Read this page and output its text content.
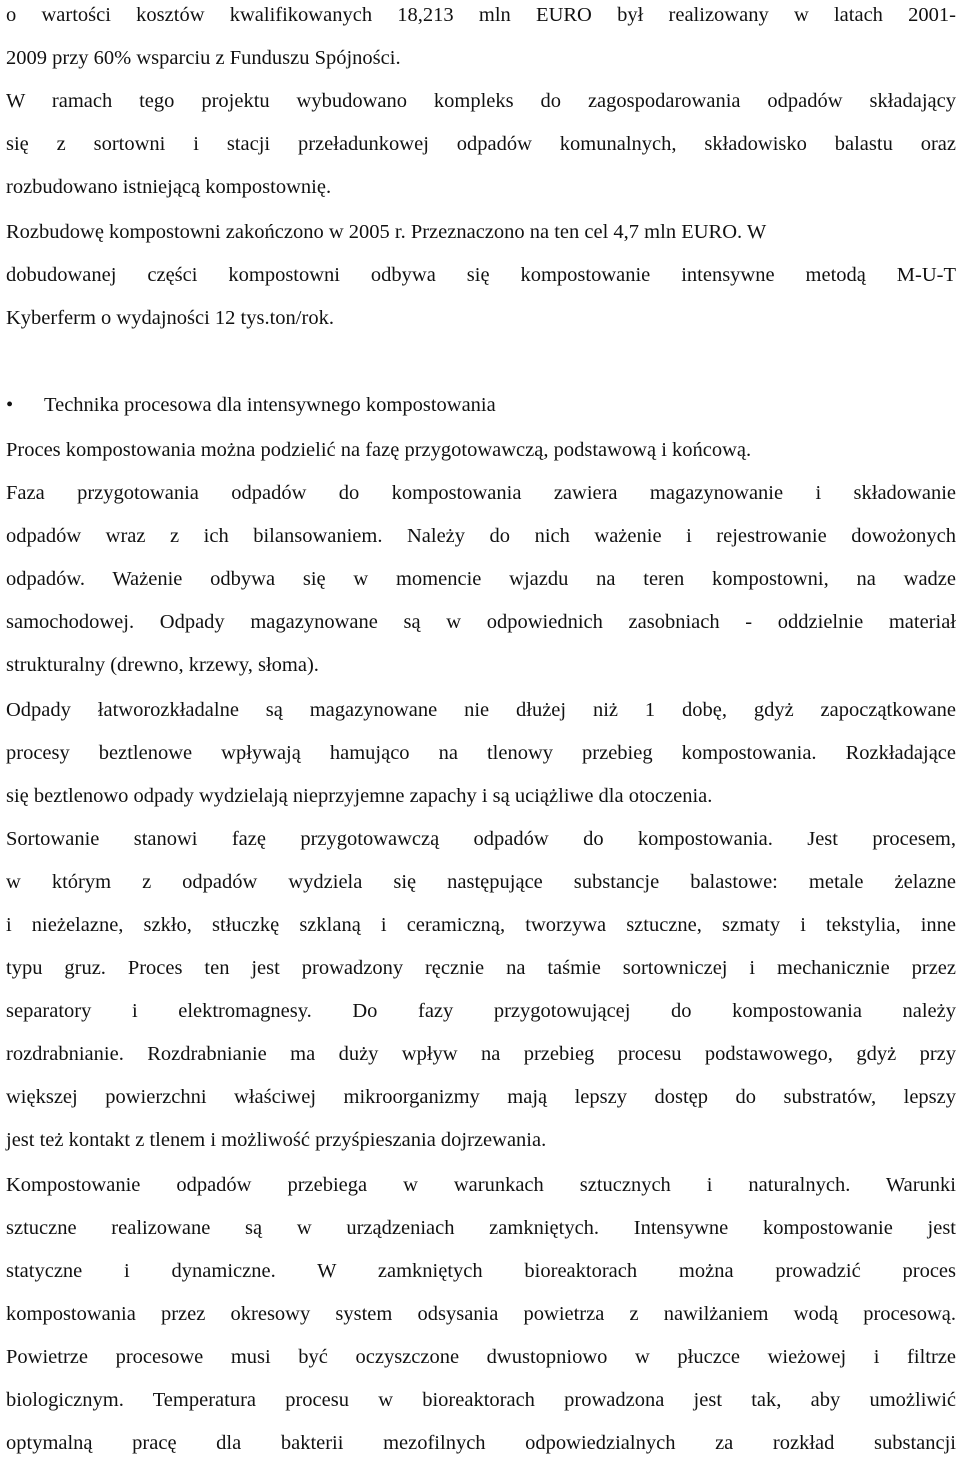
o wartości kosztów kwalifikowanych 18,213 mln EURO był realizowany w latach 2001-
2009 przy 60% wsparciu z Funduszu Spójności.
W ramach tego projektu wybudowano kompleks do zagospodarowania odpadów składający
się z sortowni i stacji przeładunkowej odpadów komunalnych, składowisko balastu oraz
rozbudowano istniejącą kompostownię.
Rozbudowę kompostowni zakończono w 2005 r. Przeznaczono na ten cel 4,7 mln EURO. W
dobudowanej części kompostowni odbywa się kompostowanie intensywne metodą M-U-T
Kyberferm o wydajności 12 tys.ton/rok.
• Technika procesowa dla intensywnego kompostowania
Proces kompostowania można podzielić na fazę przygotowawczą, podstawową i końcową.
Faza przygotowania odpadów do kompostowania zawiera magazynowanie i składowanie
odpadów wraz z ich bilansowaniem. Należy do nich ważenie i rejestrowanie dowożonych
odpadów. Ważenie odbywa się w momencie wjazdu na teren kompostowni, na wadze
samochodowej. Odpady magazynowane są w odpowiednich zasobniach - oddzielnie materiał
strukturalny (drewno, krzewy, słoma).
Odpady łatworozkładalne są magazynowane nie dłużej niż 1 dobę, gdyż zapoczątkowane
procesy beztlenowe wpływają hamująco na tlenowy przebieg kompostowania. Rozkładające
się beztlenowo odpady wydzielają nieprzyjemne zapachy i są uciążliwe dla otoczenia.
Sortowanie stanowi fazę przygotowawczą odpadów do kompostowania. Jest procesem,
w którym z odpadów wydziela się następujące substancje balastowe: metale żelazne
i nieżelazne, szkło, stłuczkę szklaną i ceramiczną, tworzywa sztuczne, szmaty i tekstylia, inne
typu gruz. Proces ten jest prowadzony ręcznie na taśmie sortowniczej i mechanicznie przez
separatory i elektromagnesy. Do fazy przygotowującej do kompostowania należy
rozdrabnianie. Rozdrabnianie ma duży wpływ na przebieg procesu podstawowego, gdyż przy
większej powierzchni właściwej mikroorganizmy mają lepszy dostęp do substratów, lepszy
jest też kontakt z tlenem i możliwość przyśpieszania dojrzewania.
Kompostowanie odpadów przebiega w warunkach sztucznych i naturalnych. Warunki
sztuczne realizowane są w urządzeniach zamkniętych. Intensywne kompostowanie jest
statyczne i dynamiczne. W zamkniętych bioreaktorach można prowadzić proces
kompostowania przez okresowy system odsysania powietrza z nawilżaniem wodą procesową.
Powietrze procesowe musi być oczyszczone dwustopniowo w płuczce wieżowej i filtrze
biologicznym. Temperatura procesu w bioreaktorach prowadzona jest tak, aby umożliwić
optymalną pracę dla bakterii mezofilnych odpowiedzialnych za rozkład substancji
